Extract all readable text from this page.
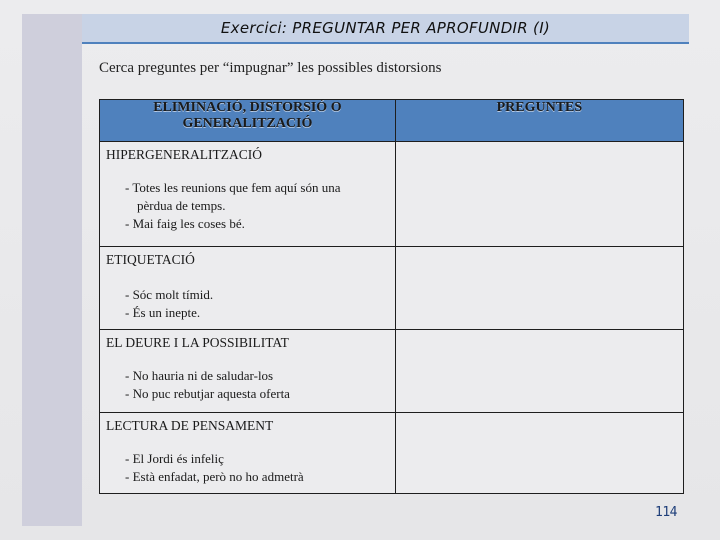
Exercici: PREGUNTAR PER APROFUNDIR (I)
Cerca preguntes per “impugnar” les possibles distorsions
ELIMINACIÓ, DISTORSIÓ O GENERALITZACIÓ	PREGUNTES

HIPERGENERALITZACIÓ
- Totes les reunions que fem aquí són una
pèrdua de temps.
- Mai faig les coses bé.	

ETIQUETACIÓ
- Sóc molt tímid.
- És un inepte.	

EL DEURE I LA POSSIBILITAT
- No hauria ni de saludar-los
- No puc rebutjar aquesta oferta	

LECTURA DE PENSAMENT
- El Jordi és infeliç
- Està enfadat, però no ho admetrà	

114
